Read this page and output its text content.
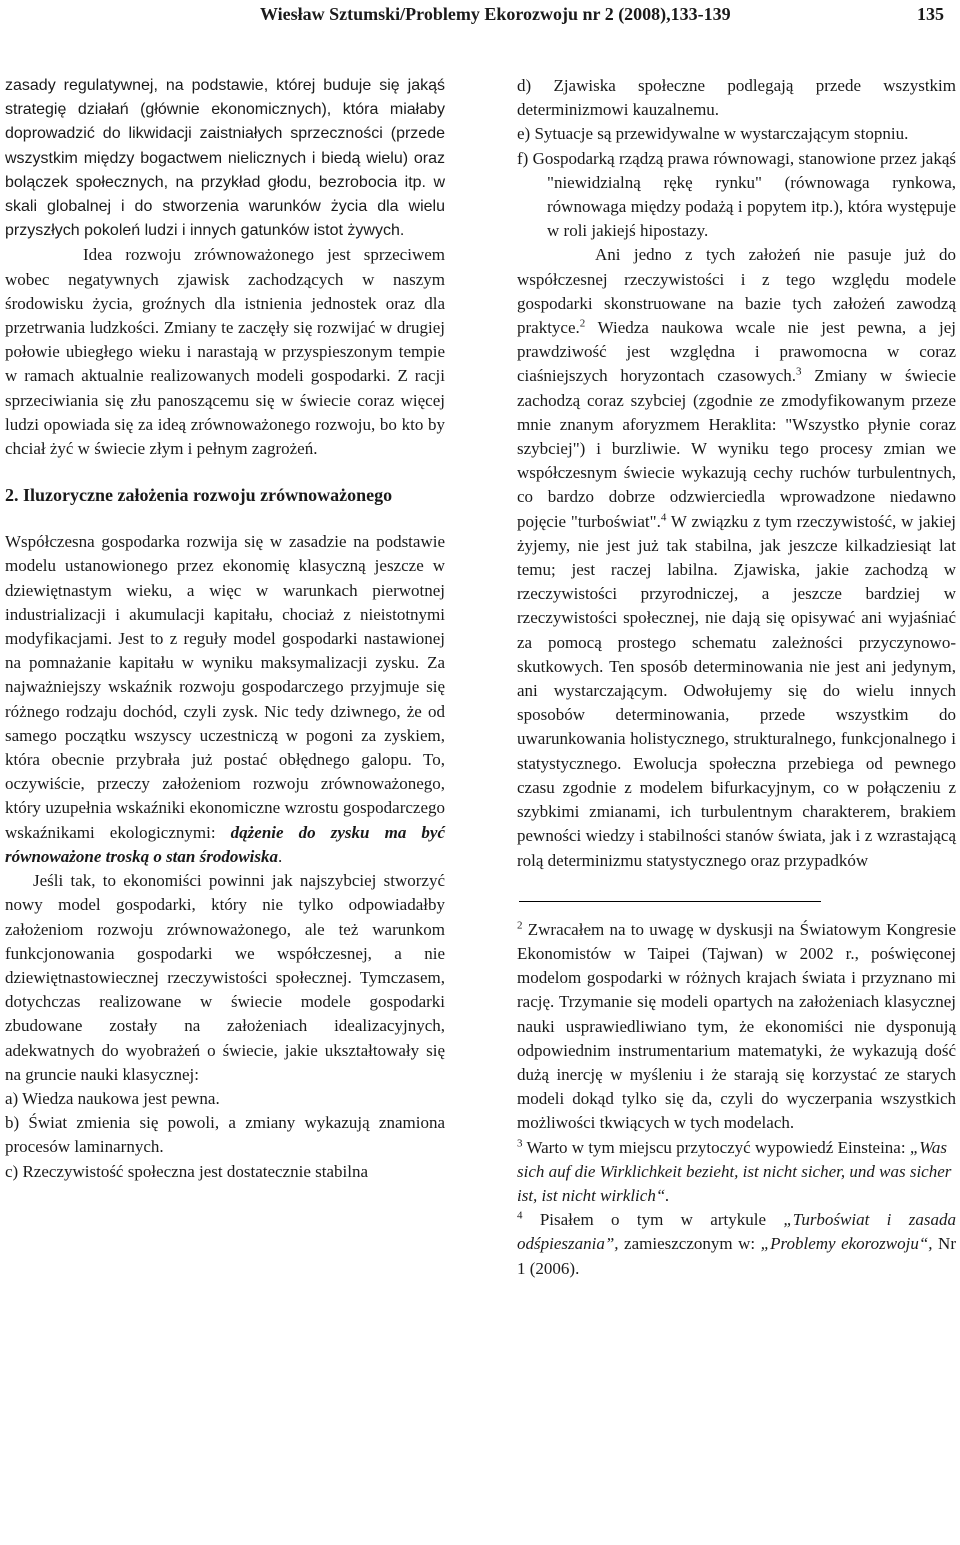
Wiesław Sztumski/Problemy Ekorozwoju nr 2 (2008),133-139	135

zasady regulatywnej, na podstawie, której buduje się jakąś strategię działań (głównie ekonomicznych), która miałaby doprowadzić do likwidacji zaistniałych sprzeczności (przede wszystkim między bogactwem nielicznych i biedą wielu) oraz bolączek społecznych, na przykład głodu, bezrobocia itp. w skali globalnej i do stworzenia warunków życia dla wielu przyszłych pokoleń ludzi i innych gatunków istot żywych.

Idea rozwoju zrównoważonego jest sprzeciwem wobec negatywnych zjawisk zachodzących w naszym środowisku życia, groźnych dla istnienia jednostek oraz dla przetrwania ludzkości. Zmiany te zaczęły się rozwijać w drugiej połowie ubiegłego wieku i narastają w przyspieszonym tempie w ramach aktualnie realizowanych modeli gospodarki. Z racji sprzeciwiania się złu panoszącemu się w świecie coraz więcej ludzi opowiada się za ideą zrównoważonego rozwoju, bo kto by chciał żyć w świecie złym i pełnym zagrożeń.

2. Iluzoryczne założenia rozwoju zrównoważonego

Współczesna gospodarka rozwija się w zasadzie na podstawie modelu ustanowionego przez ekonomię klasyczną jeszcze w dziewiętnastym wieku, a więc w warunkach pierwotnej industrializacji i akumulacji kapitału, chociaż z nieistotnymi modyfikacjami. Jest to z reguły model gospodarki nastawionej na pomnażanie kapitału w wyniku maksymalizacji zysku. Za najważniejszy wskaźnik rozwoju gospodarczego przyjmuje się różnego rodzaju dochód, czyli zysk. Nic tedy dziwnego, że od samego początku wszyscy uczestniczą w pogoni za zyskiem, która obecnie przybrała już postać obłędnego galopu. To, oczywiście, przeczy założeniom rozwoju zrównoważonego, który uzupełnia wskaźniki ekonomiczne wzrostu gospodarczego wskaźnikami ekologicznymi: dążenie do zysku ma być równoważone troską o stan środowiska.

Jeśli tak, to ekonomiści powinni jak najszybciej stworzyć nowy model gospodarki, który nie tylko odpowiadałby założeniom rozwoju zrównoważonego, ale też warunkom funkcjonowania gospodarki we współczesnej, a nie dziewiętnastowiecznej rzeczywistości społecznej. Tymczasem, dotychczas realizowane w świecie modele gospodarki zbudowane zostały na założeniach idealizacyjnych, adekwatnych do wyobrażeń o świecie, jakie ukształtowały się na gruncie nauki klasycznej:

a) Wiedza naukowa jest pewna.

b) Świat zmienia się powoli, a zmiany wykazują znamiona procesów laminarnych.

c) Rzeczywistość społeczna jest dostatecznie stabilna

d) Zjawiska społeczne podlegają przede wszystkim determinizmowi kauzalnemu.

e) Sytuacje są przewidywalne w wystarczającym stopniu.

f) Gospodarką rządzą prawa równowagi, stanowione przez jakąś "niewidzialną rękę rynku" (równowaga rynkowa, równowaga między podażą i popytem itp.), która występuje w roli jakiejś hipostazy.

Ani jedno z tych założeń nie pasuje już do współczesnej rzeczywistości i z tego względu modele gospodarki skonstruowane na bazie tych założeń zawodzą praktyce.$^2$ Wiedza naukowa wcale nie jest pewna, a jej prawdziwość jest względna i prawomocna w coraz ciaśniejszych horyzontach czasowych.$^3$ Zmiany w świecie zachodzą coraz szybciej (zgodnie ze zmodyfikowanym przeze mnie znanym aforyzmem Heraklita: "Wszystko płynie coraz szybciej") i burzliwie. W wyniku tego procesy zmian we współczesnym świecie wykazują cechy ruchów turbulentnych, co bardzo dobrze odzwierciedla wprowadzone niedawno pojęcie "turboświat".$^4$ W związku z tym rzeczywistość, w jakiej żyjemy, nie jest już tak stabilna, jak jeszcze kilkadziesiąt lat temu; jest raczej labilna. Zjawiska, jakie zachodzą w rzeczywistości przyrodniczej, a jeszcze bardziej w rzeczywistości społecznej, nie dają się opisywać ani wyjaśniać za pomocą prostego schematu zależności przyczynowo-skutkowych. Ten sposób determinowania nie jest ani jedynym, ani wystarczającym. Odwołujemy się do wielu innych sposobów determinowania, przede wszystkim do uwarunkowania holistycznego, strukturalnego, funkcjonalnego i statystycznego. Ewolucja społeczna przebiega od pewnego czasu zgodnie z modelem bifurkacyjnym, co w połączeniu z szybkimi zmianami, ich turbulentnym charakterem, brakiem pewności wiedzy i stabilności stanów świata, jak i z wzrastającą rolą determinizmu statystycznego oraz przypadków

$^2$ Zwracałem na to uwagę w dyskusji na Światowym Kongresie Ekonomistów w Taipei (Tajwan) w 2002 r., poświęconej modelom gospodarki w różnych krajach świata i przyznano mi rację. Trzymanie się modeli opartych na założeniach klasycznej nauki usprawiedliwiano tym, że ekonomiści nie dysponują odpowiednim instrumentarium matematyki, że wykazują dość dużą inercję w myśleniu i że starają się korzystać ze starych modeli dokąd tylko się da, czyli do wyczerpania wszystkich możliwości tkwiących w tych modelach.

$^3$ Warto w tym miejscu przytoczyć wypowiedź Einsteina: „Was sich auf die Wirklichkeit bezieht, ist nicht sicher, und was sicher ist, ist nicht wirklich“.

$^4$ Pisałem o tym w artykule „Turboświat i zasada odśpieszania”, zamieszczonym w: „Problemy ekorozwoju“, Nr 1 (2006).
